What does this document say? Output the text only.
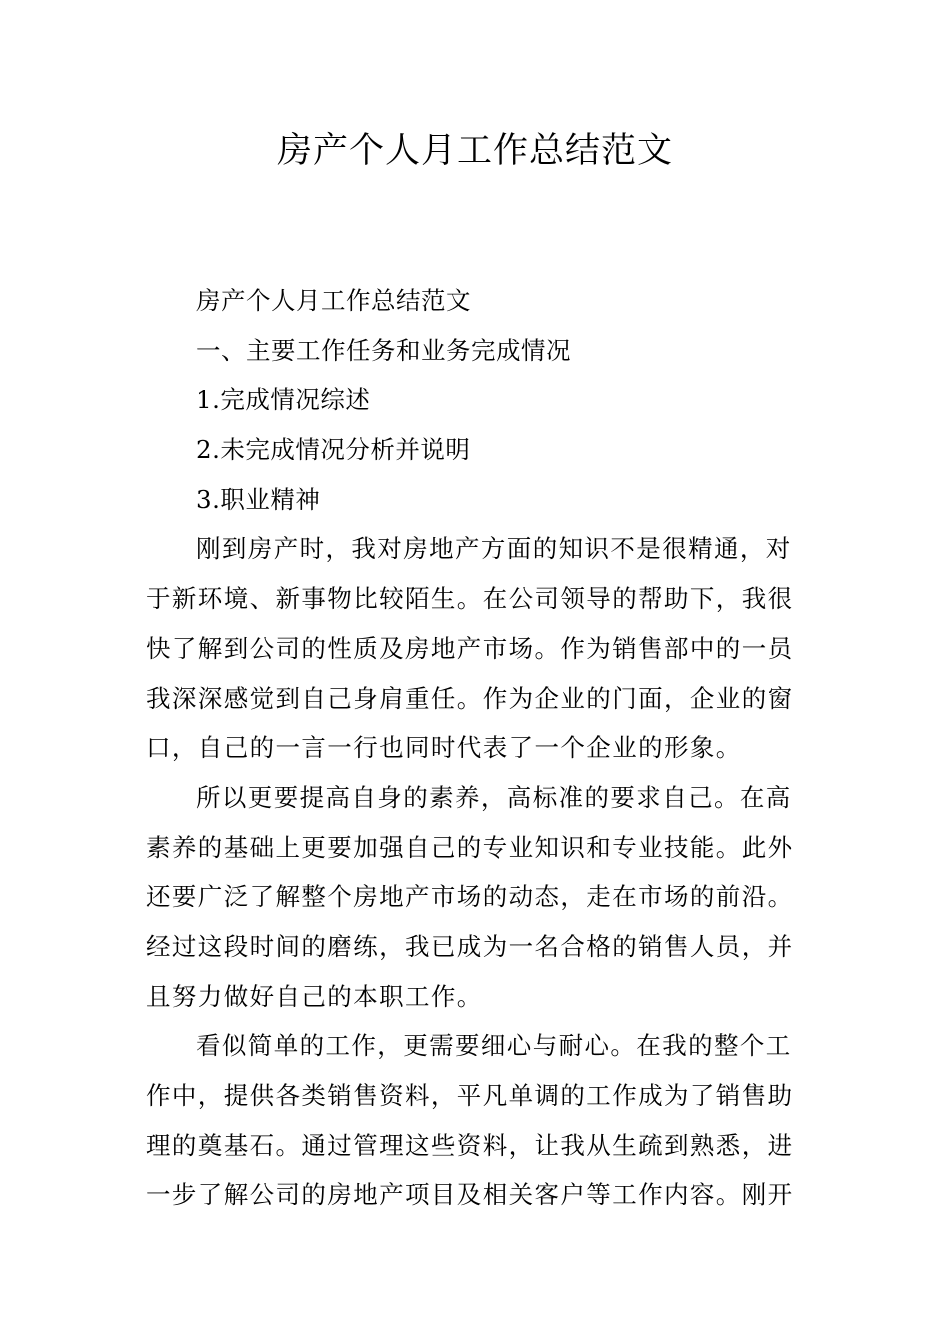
房产个人月工作总结范文
房产个人月工作总结范文
一、主要工作任务和业务完成情况
1.完成情况综述
2.未完成情况分析并说明
3.职业精神
刚到房产时，我对房地产方面的知识不是很精通，对
于新环境、新事物比较陌生。在公司领导的帮助下，我很
快了解到公司的性质及房地产市场。作为销售部中的一员
我深深感觉到自己身肩重任。作为企业的门面，企业的窗
口，自己的一言一行也同时代表了一个企业的形象。
所以更要提高自身的素养，高标准的要求自己。在高
素养的基础上更要加强自己的专业知识和专业技能。此外
还要广泛了解整个房地产市场的动态，走在市场的前沿。
经过这段时间的磨练，我已成为一名合格的销售人员，并
且努力做好自己的本职工作。
看似简单的工作，更需要细心与耐心。在我的整个工
作中，提供各类销售资料，平凡单调的工作成为了销售助
理的奠基石。通过管理这些资料，让我从生疏到熟悉，进
一步了解公司的房地产项目及相关客户等工作内容。刚开
